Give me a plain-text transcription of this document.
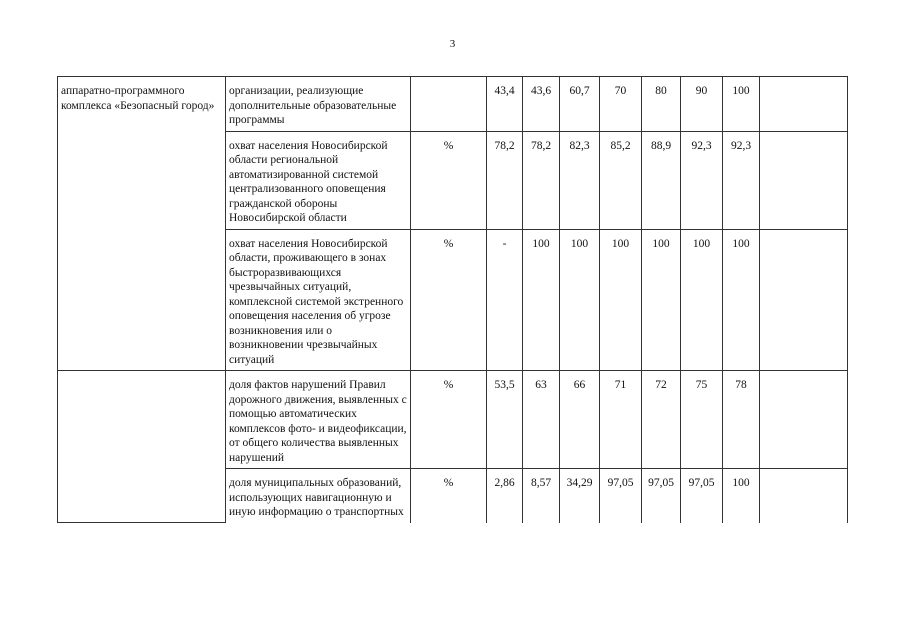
3
аппаратно-программного комплекса «Безопасный город»	организации, реализующие дополнительные образовательные программы		43,4	43,6	60,7	70	80	90	100	
	охват населения Новосибирской области региональной автоматизированной системой централизованного оповещения гражданской обороны Новосибирской области	%	78,2	78,2	82,3	85,2	88,9	92,3	92,3	
	охват населения Новосибирской области, проживающего в зонах быстроразвивающихся чрезвычайных ситуаций, комплексной системой экстренного оповещения населения об угрозе возникновения или о возникновении чрезвычайных ситуаций	%	-	100	100	100	100	100	100	
	доля фактов нарушений Правил дорожного движения, выявленных с помощью автоматических комплексов фото- и видеофиксации, от общего количества выявленных нарушений	%	53,5	63	66	71	72	75	78	
	доля муниципальных образований, использующих навигационную и иную информацию о транспортных	%	2,86	8,57	34,29	97,05	97,05	97,05	100	
